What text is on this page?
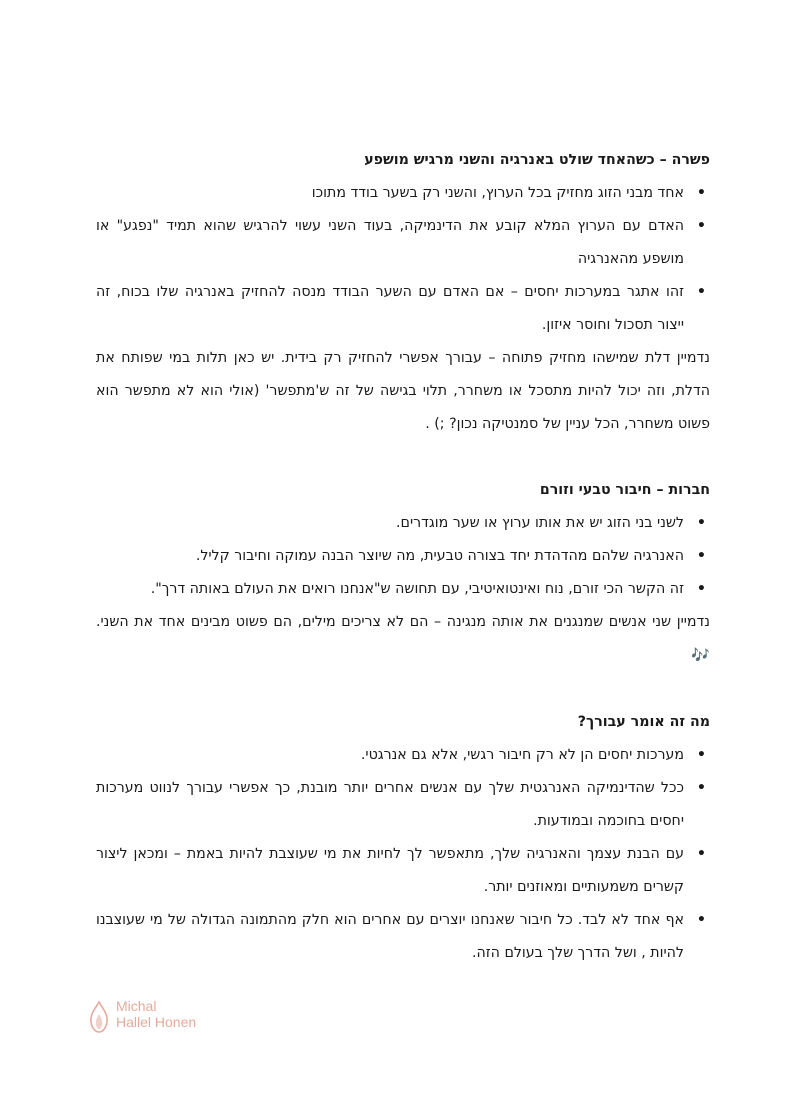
פשרה – כשהאחד שולט באנרגיה והשני מרגיש מושפע
• אחד מבני הזוג מחזיק בכל הערוץ, והשני רק בשער בודד מתוכו
• האדם עם הערוץ המלא קובע את הדינמיקה, בעוד השני עשוי להרגיש שהוא תמיד "נפגע" או מושפע מהאנרגיה
• זהו אתגר במערכות יחסים – אם האדם עם השער הבודד מנסה להחזיק באנרגיה שלו בכוח, זה ייצור תסכול וחוסר איזון.

נדמיין דלת שמישהו מחזיק פתוחה – עבורך אפשרי להחזיק רק בידית. יש כאן תלות במי שפותח את הדלת, וזה יכול להיות מתסכל או משחרר, תלוי בגישה של זה ש'מתפשר' (אולי הוא לא מתפשר הוא פשוט משחרר, הכל עניין של סמנטיקה נכון? ;) .

חברות – חיבור טבעי וזורם
• לשני בני הזוג יש את אותו ערוץ או שער מוגדרים.
• האנרגיה שלהם מהדהדת יחד בצורה טבעית, מה שיוצר הבנה עמוקה וחיבור קליל.
• זה הקשר הכי זורם, נוח ואינטואיטיבי, עם תחושה ש"אנחנו רואים את העולם באותה דרך".

נדמיין שני אנשים שמנגנים את אותה מנגינה – הם לא צריכים מילים, הם פשוט מבינים אחד את השני. 🎶

מה זה אומר עבורך?
• מערכות יחסים הן לא רק חיבור רגשי, אלא גם אנרגטי.
• ככל שהדינמיקה האנרגטית שלך עם אנשים אחרים יותר מובנת, כך אפשרי עבורך לנווט מערכות יחסים בחוכמה ובמודעות.
• עם הבנת עצמך והאנרגיה שלך, מתאפשר לך לחיות את מי שעוצבת להיות באמת – ומכאן ליצור קשרים משמעותיים ומאוזנים יותר.
• אף אחד לא לבד. כל חיבור שאנחנו יוצרים עם אחרים הוא חלק מהתמונה הגדולה של מי שעוצבנו להיות , ושל הדרך שלך בעולם הזה.
Michal
Hallel Honen
